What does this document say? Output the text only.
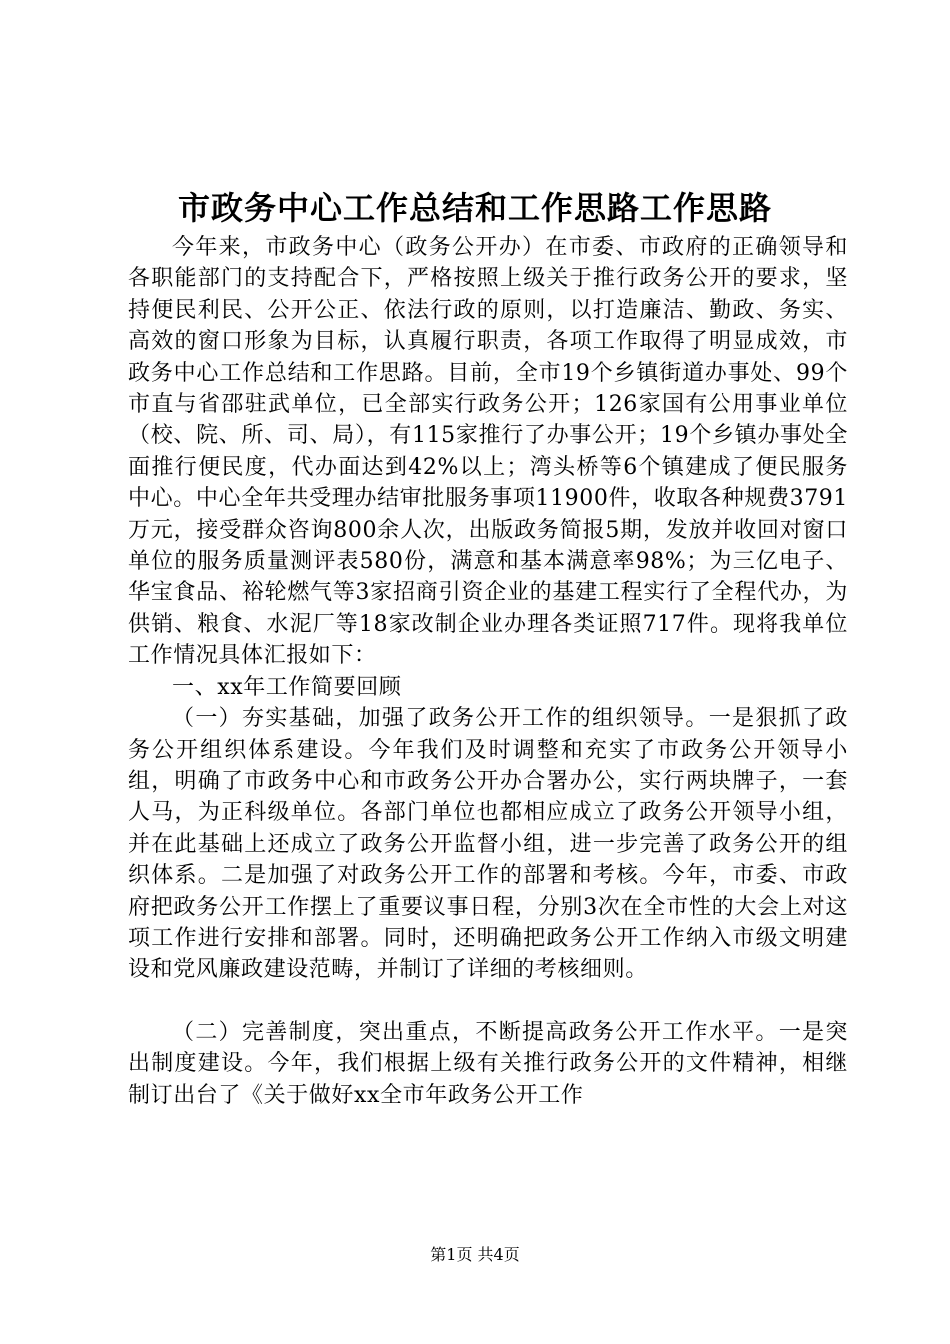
市政务中心工作总结和工作思路工作思路

今年来，市政务中心（政务公开办）在市委、市政府的正确领导和各职能部门的支持配合下，严格按照上级关于推行政务公开的要求，坚持便民利民、公开公正、依法行政的原则，以打造廉洁、勤政、务实、高效的窗口形象为目标，认真履行职责，各项工作取得了明显成效，市政务中心工作总结和工作思路。目前，全市19个乡镇街道办事处、99个市直与省邵驻武单位，已全部实行政务公开；126家国有公用事业单位（校、院、所、司、局），有115家推行了办事公开；19个乡镇办事处全面推行便民度，代办面达到42%以上；湾头桥等6个镇建成了便民服务中心。中心全年共受理办结审批服务事项11900件，收取各种规费3791万元，接受群众咨询800余人次，出版政务简报5期，发放并收回对窗口单位的服务质量测评表580份，满意和基本满意率98%；为三亿电子、华宝食品、裕轮燃气等3家招商引资企业的基建工程实行了全程代办，为供销、粮食、水泥厂等18家改制企业办理各类证照717件。现将我单位工作情况具体汇报如下：

一、xx年工作简要回顾

（一）夯实基础，加强了政务公开工作的组织领导。一是狠抓了政务公开组织体系建设。今年我们及时调整和充实了市政务公开领导小组，明确了市政务中心和市政务公开办合署办公，实行两块牌子，一套人马，为正科级单位。各部门单位也都相应成立了政务公开领导小组，并在此基础上还成立了政务公开监督小组，进一步完善了政务公开的组织体系。二是加强了对政务公开工作的部署和考核。今年，市委、市政府把政务公开工作摆上了重要议事日程，分别3次在全市性的大会上对这项工作进行安排和部署。同时，还明确把政务公开工作纳入市级文明建设和党风廉政建设范畴，并制订了详细的考核细则。

（二）完善制度，突出重点，不断提高政务公开工作水平。一是突出制度建设。今年，我们根据上级有关推行政务公开的文件精神，相继制订出台了《关于做好xx全市年政务公开工作

第1页 共4页
